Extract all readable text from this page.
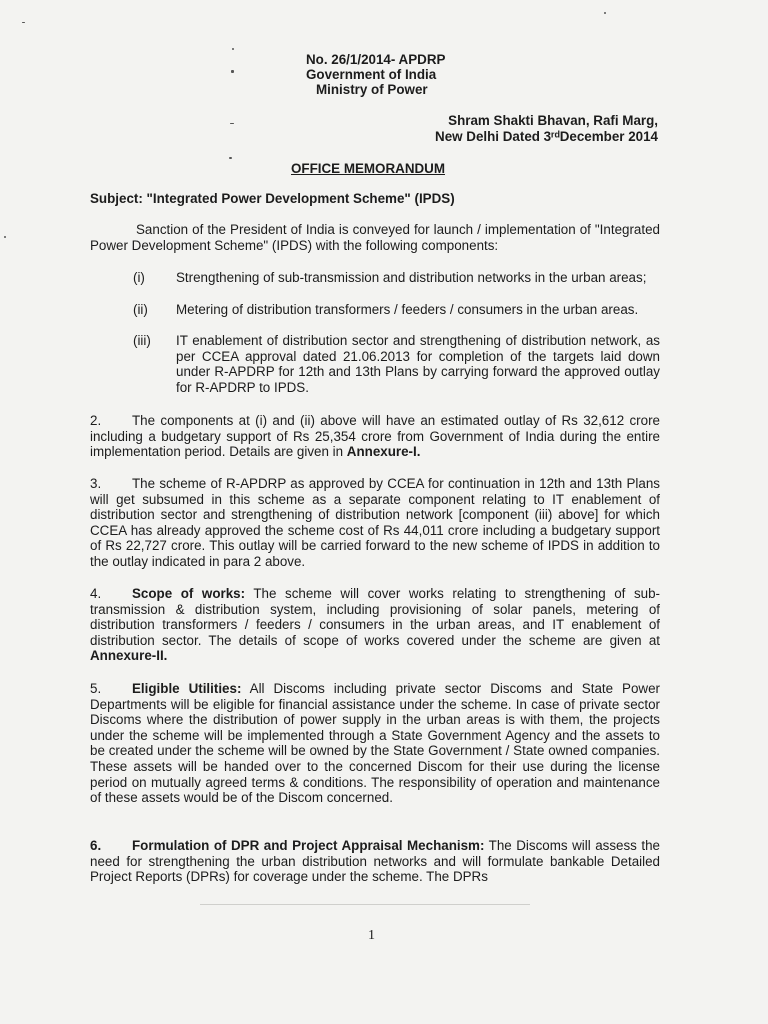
No. 26/1/2014- APDRP
Government of India
Ministry of Power
Shram Shakti Bhavan, Rafi Marg,
New Delhi Dated 3ʳᵈDecember 2014
OFFICE MEMORANDUM
Subject: "Integrated Power Development Scheme" (IPDS)
Sanction of the President of India is conveyed for launch / implementation of "Integrated Power Development Scheme" (IPDS) with the following components:
(i) Strengthening of sub-transmission and distribution networks in the urban areas;
(ii) Metering of distribution transformers / feeders / consumers in the urban areas.
(iii) IT enablement of distribution sector and strengthening of distribution network, as per CCEA approval dated 21.06.2013 for completion of the targets laid down under R-APDRP for 12th and 13th Plans by carrying forward the approved outlay for R-APDRP to IPDS.
2. The components at (i) and (ii) above will have an estimated outlay of Rs 32,612 crore including a budgetary support of Rs 25,354 crore from Government of India during the entire implementation period. Details are given in Annexure-I.
3. The scheme of R-APDRP as approved by CCEA for continuation in 12th and 13th Plans will get subsumed in this scheme as a separate component relating to IT enablement of distribution sector and strengthening of distribution network [component (iii) above] for which CCEA has already approved the scheme cost of Rs 44,011 crore including a budgetary support of Rs 22,727 crore. This outlay will be carried forward to the new scheme of IPDS in addition to the outlay indicated in para 2 above.
4. Scope of works: The scheme will cover works relating to strengthening of sub-transmission & distribution system, including provisioning of solar panels, metering of distribution transformers / feeders / consumers in the urban areas, and IT enablement of distribution sector. The details of scope of works covered under the scheme are given at Annexure-II.
5. Eligible Utilities: All Discoms including private sector Discoms and State Power Departments will be eligible for financial assistance under the scheme. In case of private sector Discoms where the distribution of power supply in the urban areas is with them, the projects under the scheme will be implemented through a State Government Agency and the assets to be created under the scheme will be owned by the State Government / State owned companies. These assets will be handed over to the concerned Discom for their use during the license period on mutually agreed terms & conditions. The responsibility of operation and maintenance of these assets would be of the Discom concerned.
6. Formulation of DPR and Project Appraisal Mechanism: The Discoms will assess the need for strengthening the urban distribution networks and will formulate bankable Detailed Project Reports (DPRs) for coverage under the scheme. The DPRs
1
